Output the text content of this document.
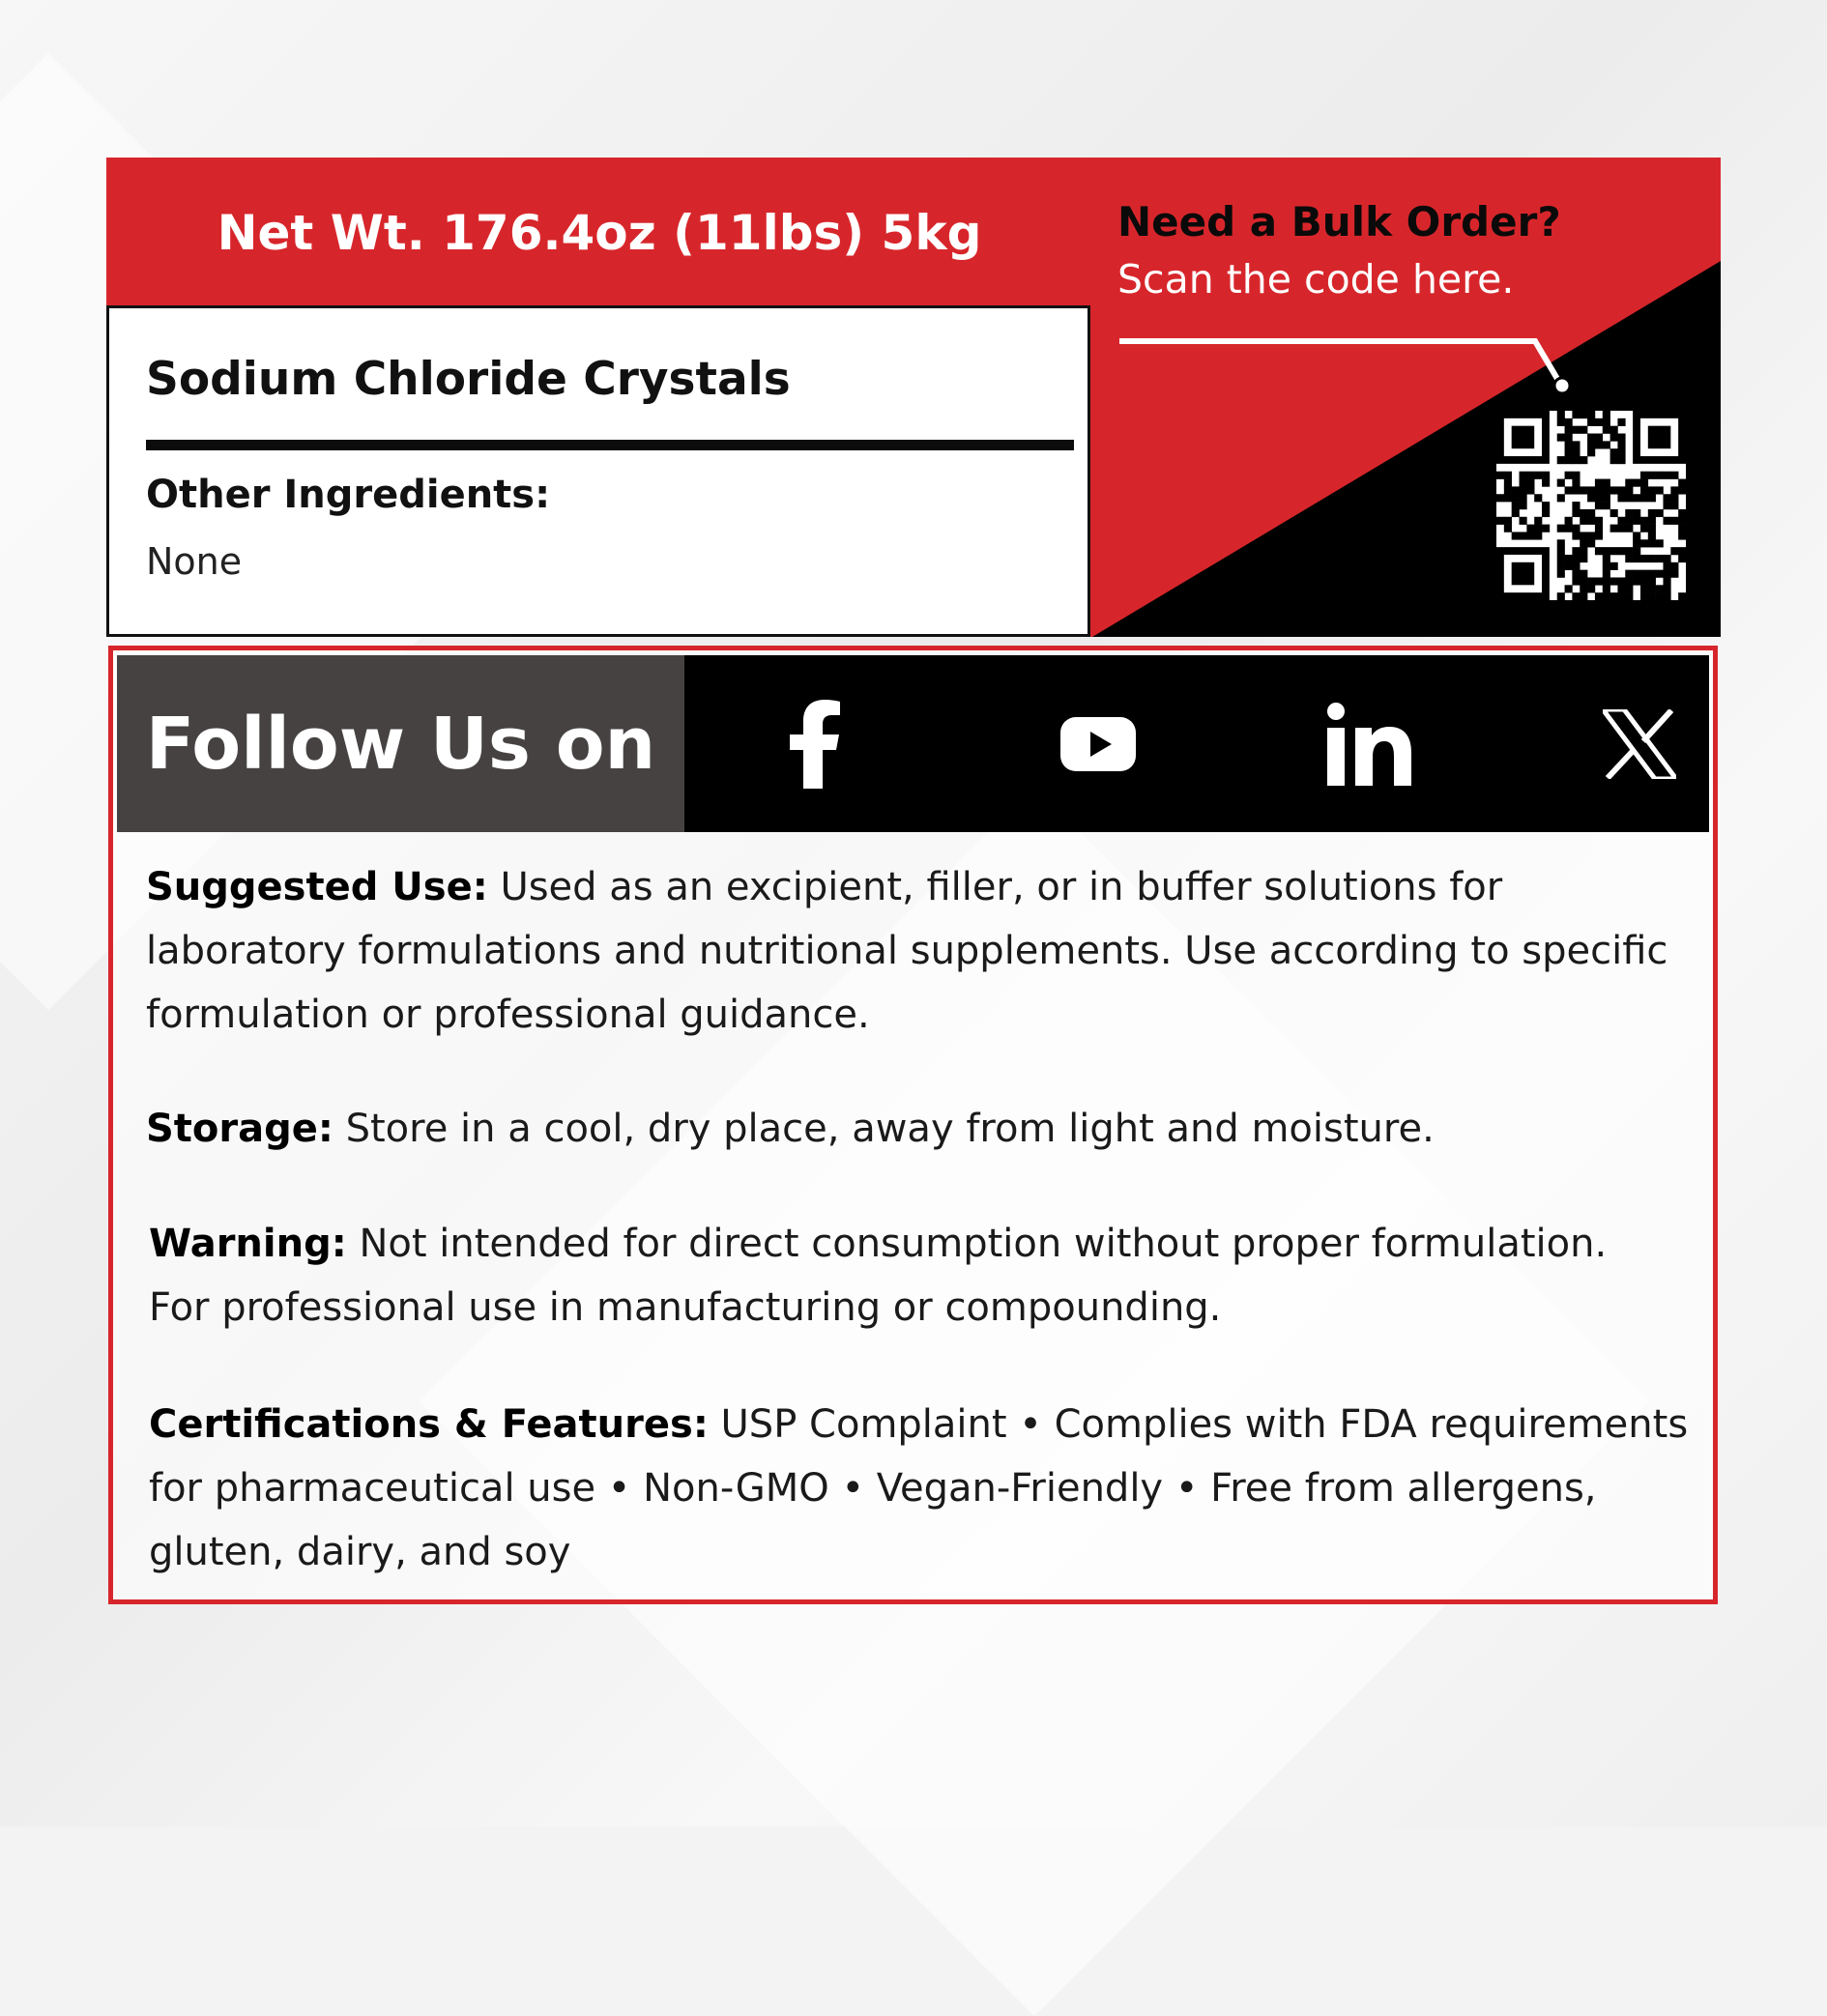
Net Wt. 176.4oz (11lbs) 5kg
Sodium Chloride Crystals
Other Ingredients:
None
Need a Bulk Order?
Scan the code here.
Follow Us on
Suggested Use: Used as an excipient, filler, or in buffer solutions for laboratory formulations and nutritional supplements. Use according to specific formulation or professional guidance.
Storage: Store in a cool, dry place, away from light and moisture.
Warning: Not intended for direct consumption without proper formulation.
For professional use in manufacturing or compounding.
Certifications & Features: USP Complaint • Complies with FDA requirements for pharmaceutical use • Non-GMO • Vegan-Friendly • Free from allergens, gluten, dairy, and soy
